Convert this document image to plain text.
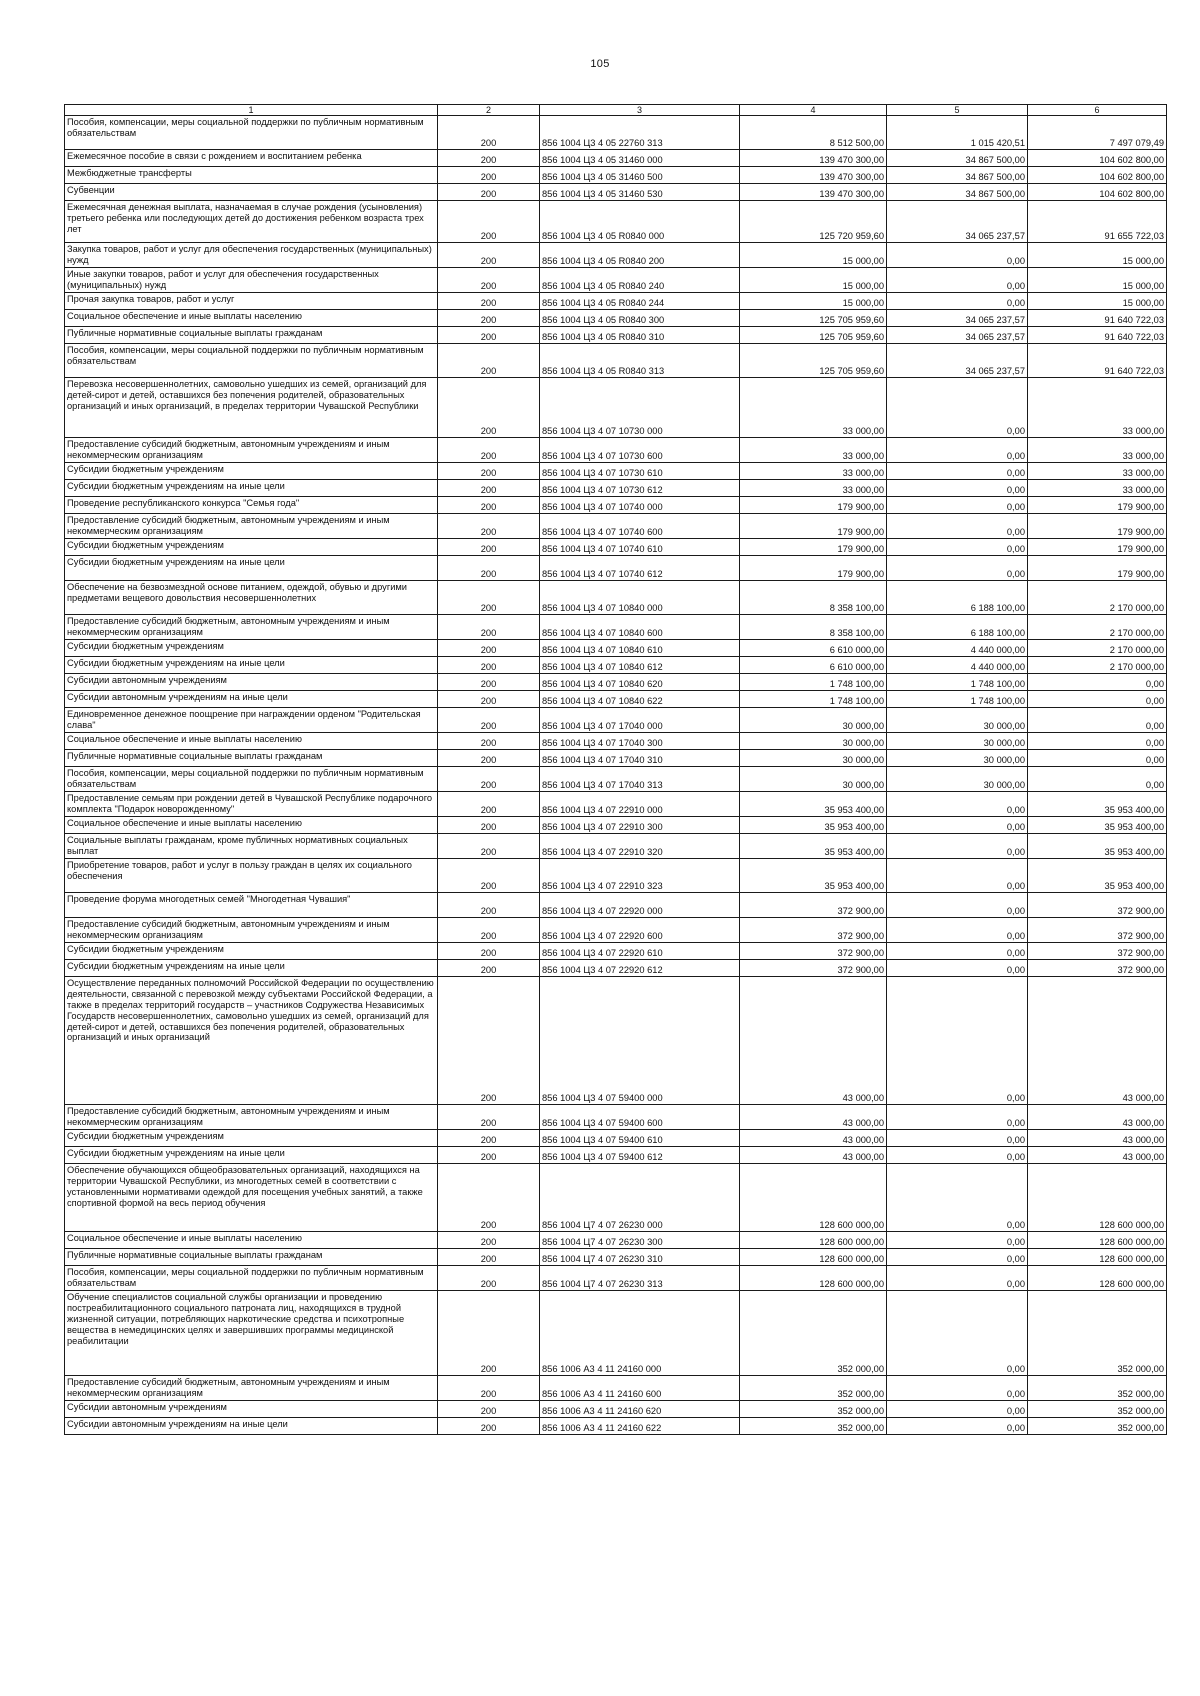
105
1	2	3	4	5	6
Пособия, компенсации, меры социальной поддержки по публичным нормативным обязательствам	200	856 1004 Ц3 4 05 22760 313	8 512 500,00	1 015 420,51	7 497 079,49
Ежемесячное пособие в связи с рождением и воспитанием ребенка	200	856 1004 Ц3 4 05 31460 000	139 470 300,00	34 867 500,00	104 602 800,00
Межбюджетные трансферты	200	856 1004 Ц3 4 05 31460 500	139 470 300,00	34 867 500,00	104 602 800,00
Субвенции	200	856 1004 Ц3 4 05 31460 530	139 470 300,00	34 867 500,00	104 602 800,00
Ежемесячная денежная выплата, назначаемая в случае рождения (усыновления) третьего ребенка или последующих детей до достижения ребенком возраста трех лет	200	856 1004 Ц3 4 05 R0840 000	125 720 959,60	34 065 237,57	91 655 722,03
Закупка товаров, работ и услуг для обеспечения государственных (муниципальных) нужд	200	856 1004 Ц3 4 05 R0840 200	15 000,00	0,00	15 000,00
Иные закупки товаров, работ и услуг для обеспечения государственных (муниципальных) нужд	200	856 1004 Ц3 4 05 R0840 240	15 000,00	0,00	15 000,00
Прочая закупка товаров, работ и услуг	200	856 1004 Ц3 4 05 R0840 244	15 000,00	0,00	15 000,00
Социальное обеспечение и иные выплаты населению	200	856 1004 Ц3 4 05 R0840 300	125 705 959,60	34 065 237,57	91 640 722,03
Публичные нормативные социальные выплаты гражданам	200	856 1004 Ц3 4 05 R0840 310	125 705 959,60	34 065 237,57	91 640 722,03
Пособия, компенсации, меры социальной поддержки по публичным нормативным обязательствам	200	856 1004 Ц3 4 05 R0840 313	125 705 959,60	34 065 237,57	91 640 722,03
Перевозка несовершеннолетних, самовольно ушедших из семей, организаций для детей-сирот и детей, оставшихся без попечения родителей, образовательных организаций и иных организаций, в пределах территории Чувашской Республики	200	856 1004 Ц3 4 07 10730 000	33 000,00	0,00	33 000,00
Предоставление субсидий бюджетным, автономным учреждениям и иным некоммерческим организациям	200	856 1004 Ц3 4 07 10730 600	33 000,00	0,00	33 000,00
Субсидии бюджетным учреждениям	200	856 1004 Ц3 4 07 10730 610	33 000,00	0,00	33 000,00
Субсидии бюджетным учреждениям на иные цели	200	856 1004 Ц3 4 07 10730 612	33 000,00	0,00	33 000,00
Проведение республиканского конкурса "Семья года"	200	856 1004 Ц3 4 07 10740 000	179 900,00	0,00	179 900,00
Предоставление субсидий бюджетным, автономным учреждениям и иным некоммерческим организациям	200	856 1004 Ц3 4 07 10740 600	179 900,00	0,00	179 900,00
Субсидии бюджетным учреждениям	200	856 1004 Ц3 4 07 10740 610	179 900,00	0,00	179 900,00
Субсидии бюджетным учреждениям на иные цели	200	856 1004 Ц3 4 07 10740 612	179 900,00	0,00	179 900,00
Обеспечение на безвозмездной основе питанием, одеждой, обувью и другими предметами вещевого довольствия несовершеннолетних	200	856 1004 Ц3 4 07 10840 000	8 358 100,00	6 188 100,00	2 170 000,00
Предоставление субсидий бюджетным, автономным учреждениям и иным некоммерческим организациям	200	856 1004 Ц3 4 07 10840 600	8 358 100,00	6 188 100,00	2 170 000,00
Субсидии бюджетным учреждениям	200	856 1004 Ц3 4 07 10840 610	6 610 000,00	4 440 000,00	2 170 000,00
Субсидии бюджетным учреждениям на иные цели	200	856 1004 Ц3 4 07 10840 612	6 610 000,00	4 440 000,00	2 170 000,00
Субсидии автономным учреждениям	200	856 1004 Ц3 4 07 10840 620	1 748 100,00	1 748 100,00	0,00
Субсидии автономным учреждениям на иные цели	200	856 1004 Ц3 4 07 10840 622	1 748 100,00	1 748 100,00	0,00
Единовременное денежное поощрение при награждении орденом "Родительская слава"	200	856 1004 Ц3 4 07 17040 000	30 000,00	30 000,00	0,00
Социальное обеспечение и иные выплаты населению	200	856 1004 Ц3 4 07 17040 300	30 000,00	30 000,00	0,00
Публичные нормативные социальные выплаты гражданам	200	856 1004 Ц3 4 07 17040 310	30 000,00	30 000,00	0,00
Пособия, компенсации, меры социальной поддержки по публичным нормативным обязательствам	200	856 1004 Ц3 4 07 17040 313	30 000,00	30 000,00	0,00
Предоставление семьям при рождении детей в Чувашской Республике подарочного комплекта "Подарок новорожденному"	200	856 1004 Ц3 4 07 22910 000	35 953 400,00	0,00	35 953 400,00
Социальное обеспечение и иные выплаты населению	200	856 1004 Ц3 4 07 22910 300	35 953 400,00	0,00	35 953 400,00
Социальные выплаты гражданам, кроме публичных нормативных социальных выплат	200	856 1004 Ц3 4 07 22910 320	35 953 400,00	0,00	35 953 400,00
Приобретение товаров, работ и услуг в пользу граждан в целях их социального обеспечения	200	856 1004 Ц3 4 07 22910 323	35 953 400,00	0,00	35 953 400,00
Проведение форума многодетных семей "Многодетная Чувашия"	200	856 1004 Ц3 4 07 22920 000	372 900,00	0,00	372 900,00
Предоставление субсидий бюджетным, автономным учреждениям и иным некоммерческим организациям	200	856 1004 Ц3 4 07 22920 600	372 900,00	0,00	372 900,00
Субсидии бюджетным учреждениям	200	856 1004 Ц3 4 07 22920 610	372 900,00	0,00	372 900,00
Субсидии бюджетным учреждениям на иные цели	200	856 1004 Ц3 4 07 22920 612	372 900,00	0,00	372 900,00
Осуществление переданных полномочий Российской Федерации по осуществлению деятельности, связанной с перевозкой между субъектами Российской Федерации, а также в пределах территорий государств – участников Содружества Независимых Государств несовершеннолетних, самовольно ушедших из семей, организаций для детей-сирот и детей, оставшихся без попечения родителей, образовательных организаций и иных организаций	200	856 1004 Ц3 4 07 59400 000	43 000,00	0,00	43 000,00
Предоставление субсидий бюджетным, автономным учреждениям и иным некоммерческим организациям	200	856 1004 Ц3 4 07 59400 600	43 000,00	0,00	43 000,00
Субсидии бюджетным учреждениям	200	856 1004 Ц3 4 07 59400 610	43 000,00	0,00	43 000,00
Субсидии бюджетным учреждениям на иные цели	200	856 1004 Ц3 4 07 59400 612	43 000,00	0,00	43 000,00
Обеспечение обучающихся общеобразовательных организаций, находящихся на территории Чувашской Республики, из многодетных семей в соответствии с установленными нормативами одеждой для посещения учебных занятий, а также спортивной формой на весь период обучения	200	856 1004 Ц7 4 07 26230 000	128 600 000,00	0,00	128 600 000,00
Социальное обеспечение и иные выплаты населению	200	856 1004 Ц7 4 07 26230 300	128 600 000,00	0,00	128 600 000,00
Публичные нормативные социальные выплаты гражданам	200	856 1004 Ц7 4 07 26230 310	128 600 000,00	0,00	128 600 000,00
Пособия, компенсации, меры социальной поддержки по публичным нормативным обязательствам	200	856 1004 Ц7 4 07 26230 313	128 600 000,00	0,00	128 600 000,00
Обучение специалистов социальной службы организации и проведению постреабилитационного социального патроната лиц, находящихся в трудной жизненной ситуации, потребляющих наркотические средства и психотропные вещества в немедицинских целях и завершивших программы медицинской реабилитации	200	856 1006 А3 4 11 24160 000	352 000,00	0,00	352 000,00
Предоставление субсидий бюджетным, автономным учреждениям и иным некоммерческим организациям	200	856 1006 А3 4 11 24160 600	352 000,00	0,00	352 000,00
Субсидии автономным учреждениям	200	856 1006 А3 4 11 24160 620	352 000,00	0,00	352 000,00
Субсидии автономным учреждениям на иные цели	200	856 1006 А3 4 11 24160 622	352 000,00	0,00	352 000,00
